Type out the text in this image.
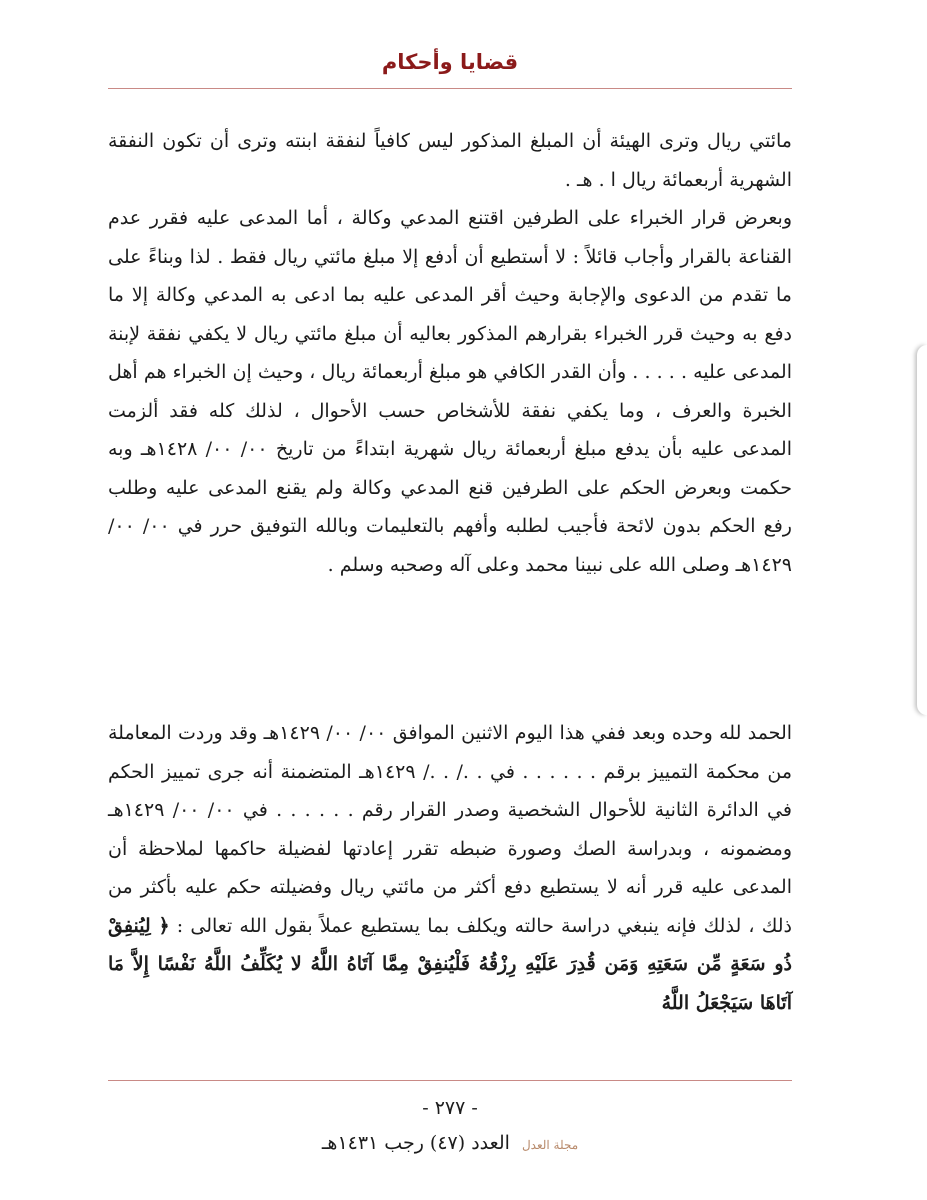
قضايا وأحكام

مائتي ريال وترى الهيئة أن المبلغ المذكور ليس كافياً لنفقة ابنته وترى أن تكون النفقة الشهرية أربعمائة ريال ا . هـ .

وبعرض قرار الخبراء على الطرفين اقتنع المدعي وكالة ، أما المدعى عليه فقرر عدم القناعة بالقرار وأجاب قائلاً : لا أستطيع أن أدفع إلا مبلغ مائتي ريال فقط . لذا وبناءً على ما تقدم من الدعوى والإجابة وحيث أقر المدعى عليه بما ادعى به المدعي وكالة إلا ما دفع به وحيث قرر الخبراء بقرارهم المذكور بعاليه أن مبلغ مائتي ريال لا يكفي نفقة لإبنة المدعى عليه . . . . . وأن القدر الكافي هو مبلغ أربعمائة ريال ، وحيث إن الخبراء هم أهل الخبرة والعرف ، وما يكفي نفقة للأشخاص حسب الأحوال ، لذلك كله فقد ألزمت المدعى عليه بأن يدفع مبلغ أربعمائة ريال شهرية ابتداءً من تاريخ ٠٠/ ٠٠/ ١٤٢٨هـ وبه حكمت وبعرض الحكم على الطرفين قنع المدعي وكالة ولم يقنع المدعى عليه وطلب رفع الحكم بدون لائحة فأجيب لطلبه وأفهم بالتعليمات وبالله التوفيق حرر في ٠٠/ ٠٠/ ١٤٢٩هـ وصلى الله على نبينا محمد وعلى آله وصحبه وسلم .

الحمد لله وحده وبعد ففي هذا اليوم الاثنين الموافق ٠٠/ ٠٠/ ١٤٢٩هـ وقد وردت المعاملة من محكمة التمييز برقم . . . . . . في . ./ . ./ ١٤٢٩هـ المتضمنة أنه جرى تمييز الحكم في الدائرة الثانية للأحوال الشخصية وصدر القرار رقم . . . . . . في ٠٠/ ٠٠/ ١٤٢٩هـ ومضمونه ، وبدراسة الصك وصورة ضبطه تقرر إعادتها لفضيلة حاكمها لملاحظة أن المدعى عليه قرر أنه لا يستطيع دفع أكثر من مائتي ريال وفضيلته حكم عليه بأكثر من ذلك ، لذلك فإنه ينبغي دراسة حالته ويكلف بما يستطيع عملاً بقول الله تعالى : ﴿ لِيُنفِقْ ذُو سَعَةٍ مِّن سَعَتِهِ وَمَن قُدِرَ عَلَيْهِ رِزْقُهُ فَلْيُنفِقْ مِمَّا آتَاهُ اللَّهُ لا يُكَلِّفُ اللَّهُ نَفْسًا إِلاَّ مَا آتَاهَا سَيَجْعَلُ اللَّهُ

- ٢٧٧ -
مجلة العدل العدد (٤٧) رجب ١٤٣١هـ
